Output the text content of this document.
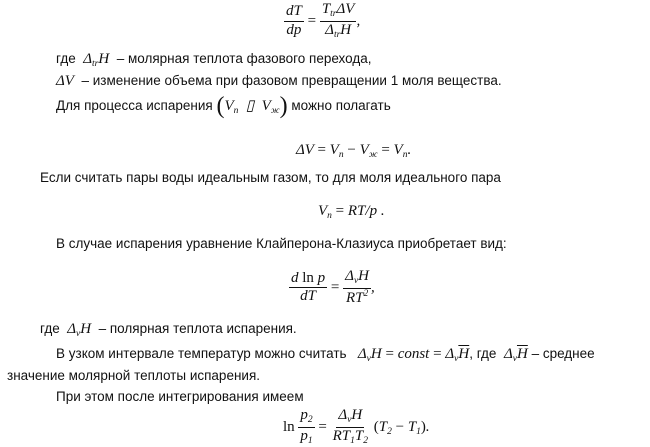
$\frac{dT}{dp} = \frac{T_{tr}\Delta V}{\Delta_{tr}H}$ ,
где  $\Delta_{tr}H$  – молярная теплота фазового перехода,
ΔV  – изменение объема при фазовом превращении 1 моля вещества.
Для процесса испарения ($V_п$  ▯  $V_ж$) можно полагать
$\Delta V = V_п - V_ж = V_п$.
Если считать пары воды идеальным газом, то для моля идеального пара
$V_п = RT/p$ .
В случае испарения уравнение Клайперона-Клазиуса приобретает вид:
$\frac{\text{d ln p}}{dT} = \frac{\Delta_vH}{RT^2}$ ,
где  $\Delta_vH$  – полярная теплота испарения.
В узком интервале температур можно считать   $\Delta_vH$ = const = $\Delta_v\overline{H}$, где  $\Delta_v\overline{H}$ – среднее
значение молярной теплоты испарения.
При этом после интегрирования имеем
$\ln \frac{p_2}{p_1} = \frac{\Delta_vH}{RT_1T_2} (T_2 - T_1)$.
